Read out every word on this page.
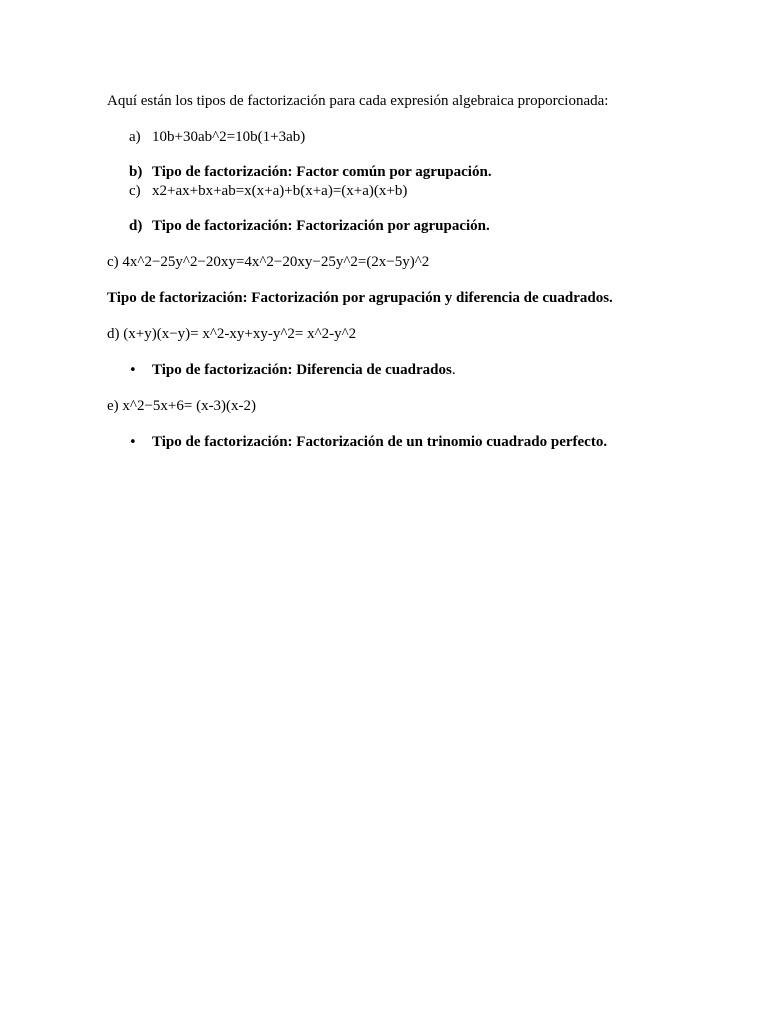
Aquí están los tipos de factorización para cada expresión algebraica proporcionada:
a) 10b+30ab^2=10b(1+3ab)
b) Tipo de factorización: Factor común por agrupación.
c) x2+ax+bx+ab=x(x+a)+b(x+a)=(x+a)(x+b)
d) Tipo de factorización: Factorización por agrupación.
c) 4x^2−25y^2−20xy=4x^2−20xy−25y^2=(2x−5y)^2
Tipo de factorización: Factorización por agrupación y diferencia de cuadrados.
d) (x+y)(x−y)= x^2-xy+xy-y^2= x^2-y^2
• Tipo de factorización: Diferencia de cuadrados.
e) x^2−5x+6= (x-3)(x-2)
• Tipo de factorización: Factorización de un trinomio cuadrado perfecto.
